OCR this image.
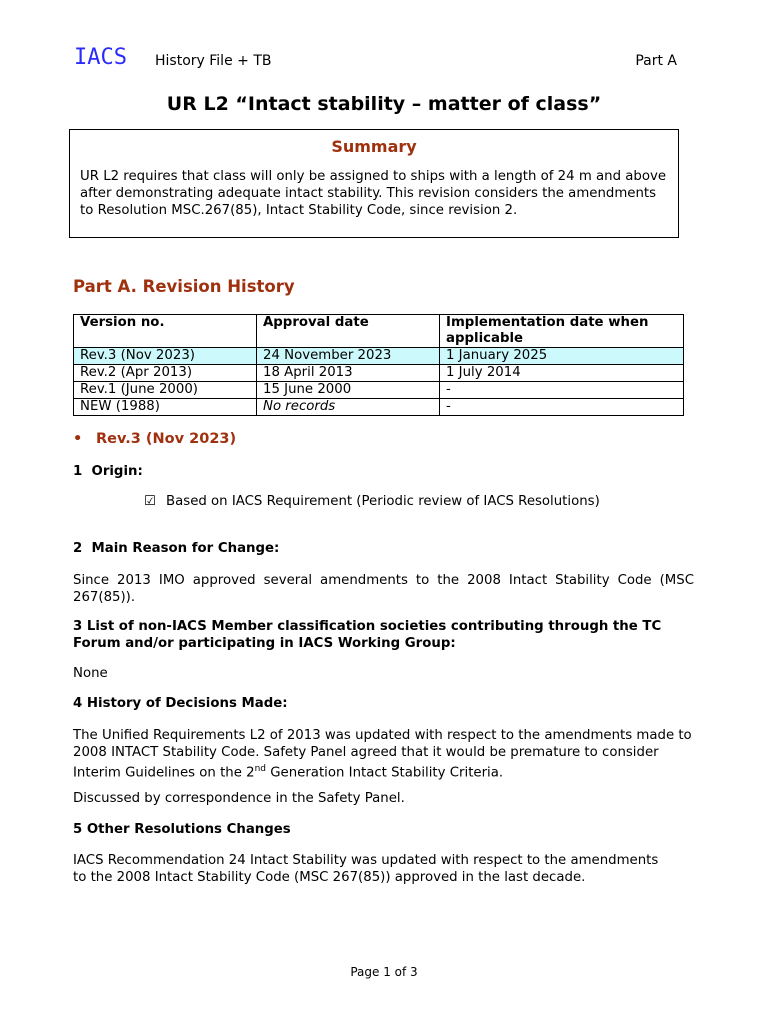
IACS History File + TB	Part A
UR L2 “Intact stability – matter of class”
Summary
UR L2 requires that class will only be assigned to ships with a length of 24 m and above after demonstrating adequate intact stability. This revision considers the amendments to Resolution MSC.267(85), Intact Stability Code, since revision 2.
Part A. Revision History
Version no.	Approval date	Implementation date when applicable
Rev.3 (Nov 2023)	24 November 2023	1 January 2025
Rev.2 (Apr 2013)	18 April 2013	1 July 2014
Rev.1 (June 2000)	15 June 2000	-
NEW (1988)	No records	-
• Rev.3 (Nov 2023)
1  Origin:
☑ Based on IACS Requirement (Periodic review of IACS Resolutions)
2  Main Reason for Change:
Since 2013 IMO approved several amendments to the 2008 Intact Stability Code (MSC 267(85)).
3 List of non-IACS Member classification societies contributing through the TC Forum and/or participating in IACS Working Group:
None
4 History of Decisions Made:
The Unified Requirements L2 of 2013 was updated with respect to the amendments made to 2008 INTACT Stability Code. Safety Panel agreed that it would be premature to consider Interim Guidelines on the 2nd Generation Intact Stability Criteria.
Discussed by correspondence in the Safety Panel.
5 Other Resolutions Changes
IACS Recommendation 24 Intact Stability was updated with respect to the amendments to the 2008 Intact Stability Code (MSC 267(85)) approved in the last decade.
Page 1 of 3
